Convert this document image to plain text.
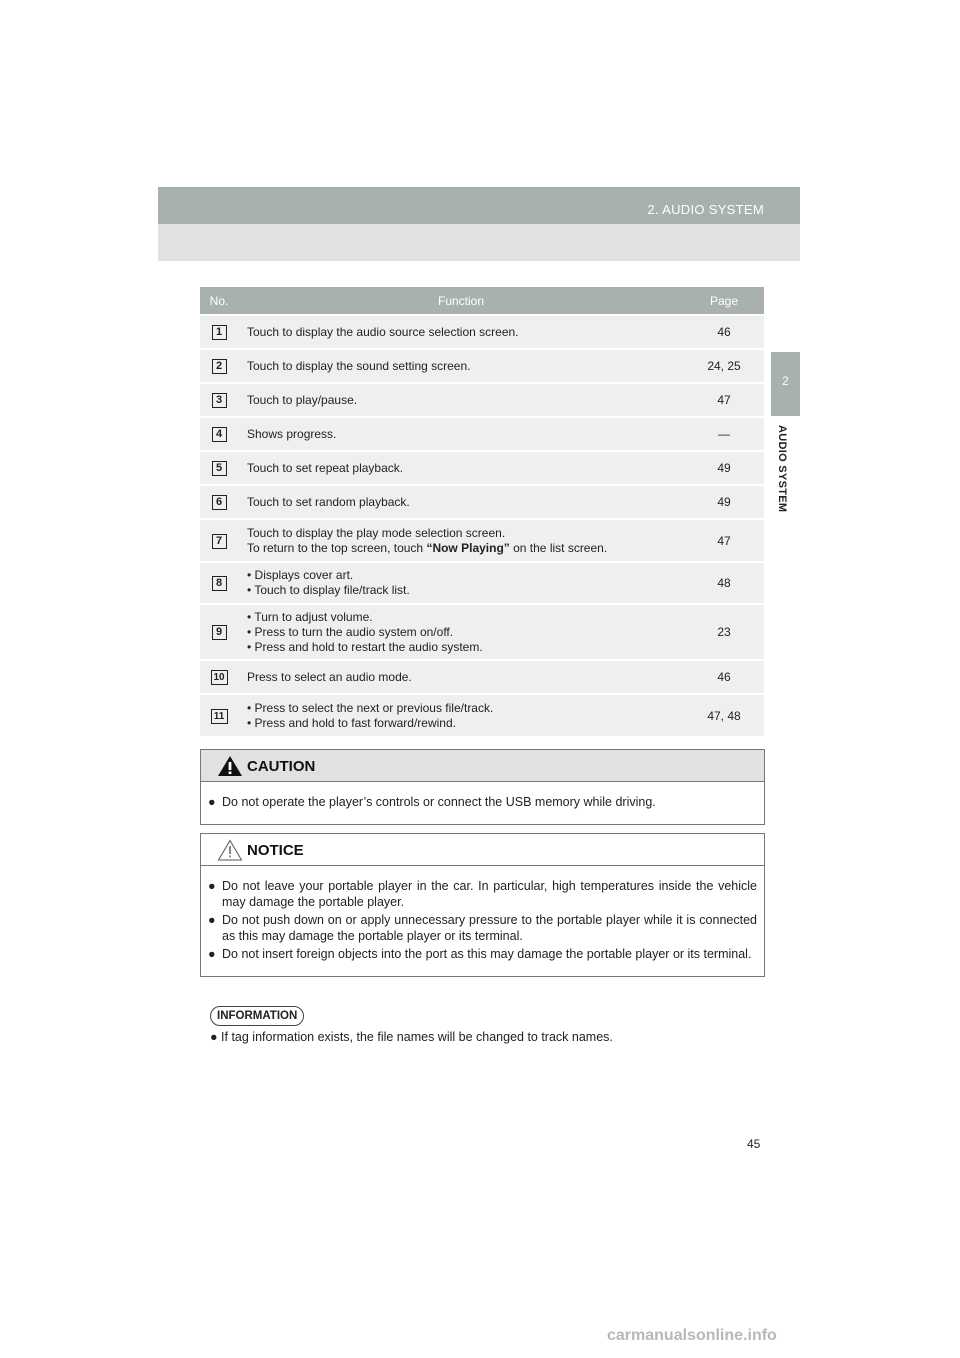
2. AUDIO SYSTEM
2
AUDIO SYSTEM
No.	Function	Page
1	Touch to display the audio source selection screen.	46
2	Touch to display the sound setting screen.	24, 25
3	Touch to play/pause.	47
4	Shows progress.	—
5	Touch to set repeat playback.	49
6	Touch to set random playback.	49
7	Touch to display the play mode selection screen.
To return to the top screen, touch “Now Playing” on the list screen.	47
8	• Displays cover art.
• Touch to display file/track list.	48
9	• Turn to adjust volume.
• Press to turn the audio system on/off.
• Press and hold to restart the audio system.	23
10	Press to select an audio mode.	46
11	• Press to select the next or previous file/track.
• Press and hold to fast forward/rewind.	47, 48
CAUTION
● Do not operate the player’s controls or connect the USB memory while driving.
NOTICE
● Do not leave your portable player in the car. In particular, high temperatures inside the vehicle may damage the portable player.
● Do not push down on or apply unnecessary pressure to the portable player while it is connected as this may damage the portable player or its terminal.
● Do not insert foreign objects into the port as this may damage the portable player or its terminal.
INFORMATION
● If tag information exists, the file names will be changed to track names.
45
carmanualsonline.info
